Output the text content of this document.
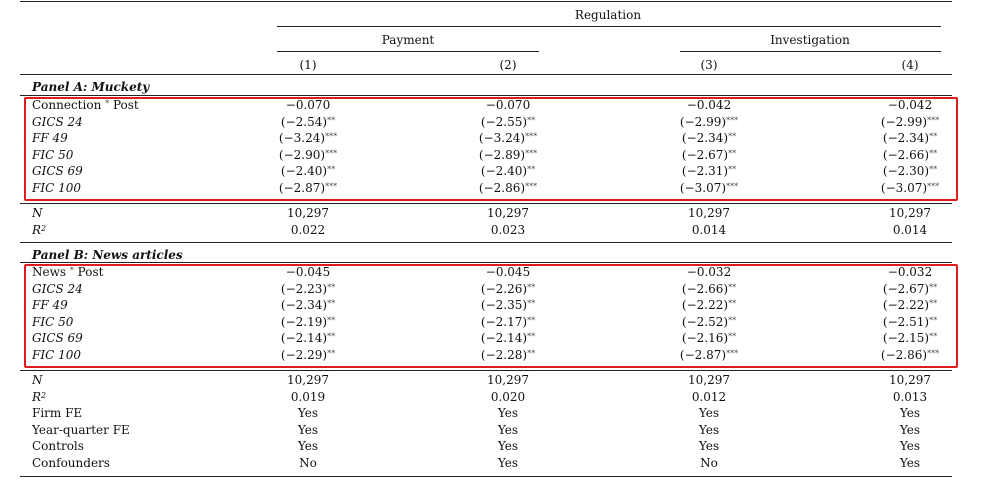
Regulation
Payment	Investigation
(1)	(2)	(3)	(4)
Panel A: Muckety
Connection * Post	−0.070	−0.070	−0.042	−0.042
GICS 24	(−2.54)**	(−2.55)**	(−2.99)***	(−2.99)***
FF 49	(−3.24)***	(−3.24)***	(−2.34)**	(−2.34)**
FIC 50	(−2.90)***	(−2.89)***	(−2.67)**	(−2.66)**
GICS 69	(−2.40)**	(−2.40)**	(−2.31)**	(−2.30)**
FIC 100	(−2.87)***	(−2.86)***	(−3.07)***	(−3.07)***
N	10,297	10,297	10,297	10,297
$R^2$	0.022	0.023	0.014	0.014
Panel B: News articles
News * Post	−0.045	−0.045	−0.032	−0.032
GICS 24	(−2.23)**	(−2.26)**	(−2.66)**	(−2.67)**
FF 49	(−2.34)**	(−2.35)**	(−2.22)**	(−2.22)**
FIC 50	(−2.19)**	(−2.17)**	(−2.52)**	(−2.51)**
GICS 69	(−2.14)**	(−2.14)**	(−2.16)**	(−2.15)**
FIC 100	(−2.29)**	(−2.28)**	(−2.87)***	(−2.86)***
N	10,297	10,297	10,297	10,297
$R^2$	0.019	0.020	0.012	0.013
Firm FE	Yes	Yes	Yes	Yes
Year-quarter FE	Yes	Yes	Yes	Yes
Controls	Yes	Yes	Yes	Yes
Confounders	No	Yes	No	Yes
